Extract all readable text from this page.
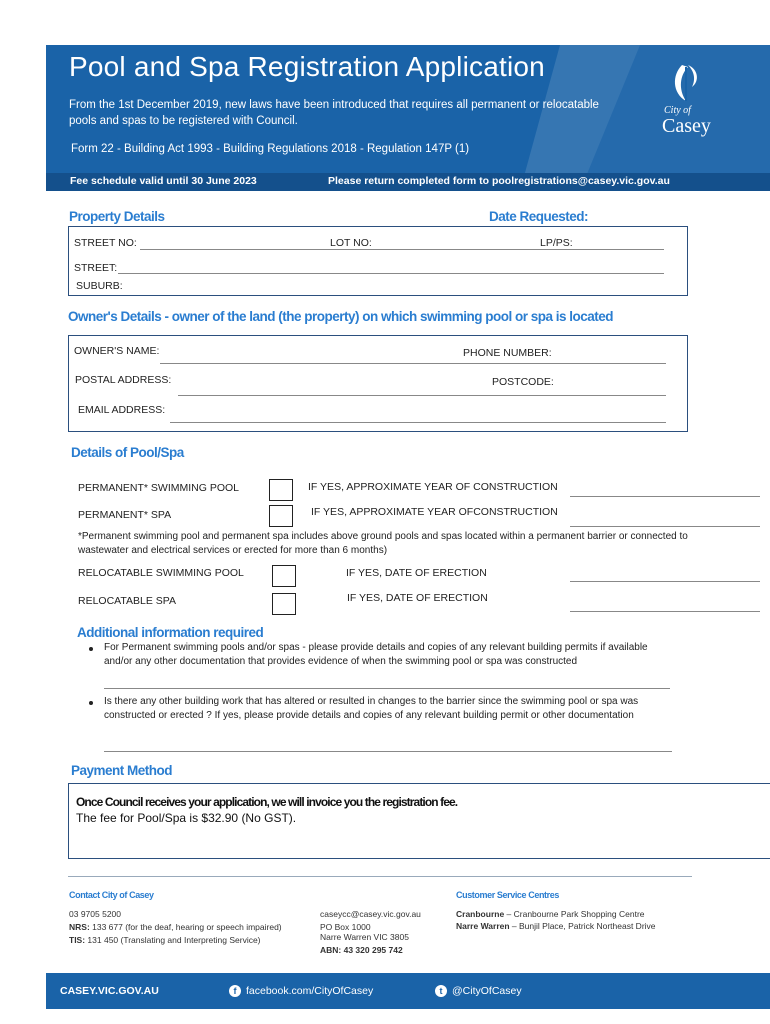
Pool and Spa Registration Application
From the 1st December 2019, new laws have been introduced that requires all permanent or relocatable pools and spas to be registered with Council.
Form 22 - Building Act 1993 - Building Regulations 2018 - Regulation 147P (1)
City of
Casey
Fee schedule valid until 30 June 2023	Please return completed form to poolregistrations@casey.vic.gov.au
Property Details	Date Requested:
STREET NO:	LOT NO:	LP/PS:
STREET:
SUBURB:
Owner's Details - owner of the land (the property) on which swimming pool or spa is located
OWNER'S NAME:	PHONE NUMBER:
POSTAL ADDRESS:	POSTCODE:
EMAIL ADDRESS:
Details of Pool/Spa
PERMANENT* SWIMMING POOL	IF YES, APPROXIMATE YEAR OF CONSTRUCTION
PERMANENT* SPA	IF YES, APPROXIMATE YEAR OFCONSTRUCTION
*Permanent swimming pool and permanent spa includes above ground pools and spas located within a permanent barrier or connected to wastewater and electrical services or erected for more than 6 months)
RELOCATABLE SWIMMING POOL	IF YES, DATE OF ERECTION
RELOCATABLE SPA	IF YES, DATE OF ERECTION
Additional information required
For Permanent swimming pools and/or spas - please provide details and copies of any relevant building permits if available and/or any other documentation that provides evidence of when the swimming pool or spa was constructed
Is there any other building work that has altered or resulted in changes to the barrier since the swimming pool or spa was constructed or erected ? If yes, please provide details and copies of any relevant building permit or other documentation
Payment Method
Once Council receives your application, we will invoice you the registration fee.
The fee for Pool/Spa is $32.90 (No GST).
Contact City of Casey
03 9705 5200
NRS: 133 677 (for the deaf, hearing or speech impaired)
TIS: 131 450 (Translating and Interpreting Service)
caseycc@casey.vic.gov.au
PO Box 1000
Narre Warren VIC 3805
ABN: 43 320 295 742
Customer Service Centres
Cranbourne – Cranbourne Park Shopping Centre
Narre Warren – Bunjil Place, Patrick Northeast Drive
CASEY.VIC.GOV.AU	f facebook.com/CityOfCasey	t @CityOfCasey
